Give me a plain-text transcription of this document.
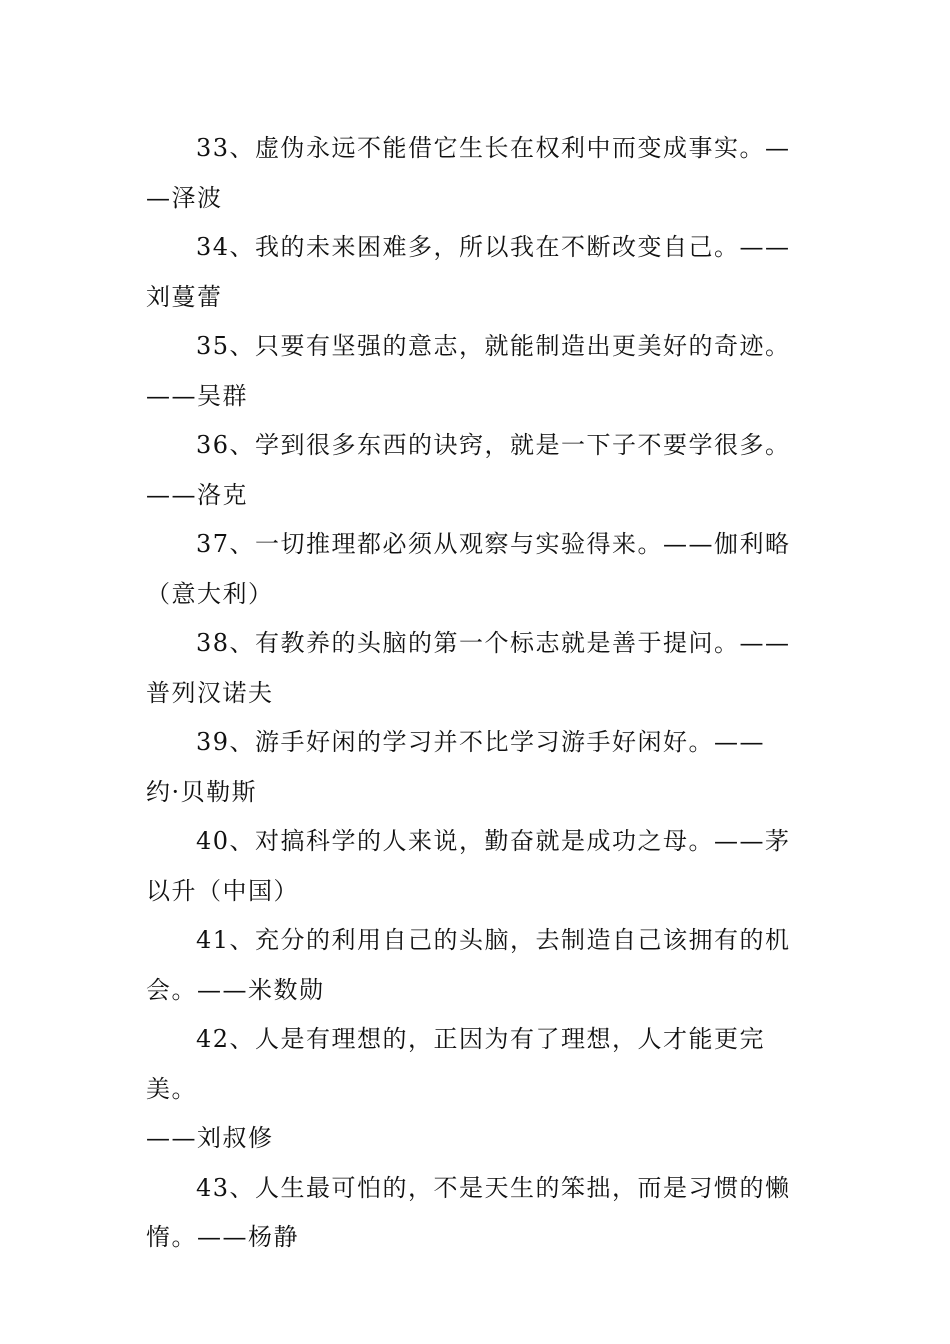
33、虚伪永远不能借它生长在权利中而变成事实。—
—泽波

34、我的未来困难多，所以我在不断改变自己。——
刘蔓蕾

35、只要有坚强的意志，就能制造出更美好的奇迹。
——吴群

36、学到很多东西的诀窍，就是一下子不要学很多。
——洛克

37、一切推理都必须从观察与实验得来。——伽利略
（意大利）

38、有教养的头脑的第一个标志就是善于提问。——
普列汉诺夫

39、游手好闲的学习并不比学习游手好闲好。——
约·贝勒斯

40、对搞科学的人来说，勤奋就是成功之母。——茅
以升（中国）

41、充分的利用自己的头脑，去制造自己该拥有的机
会。——米数勋

42、人是有理想的，正因为有了理想，人才能更完美。
——刘叔修

43、人生最可怕的，不是天生的笨拙，而是习惯的懒
惰。——杨静
